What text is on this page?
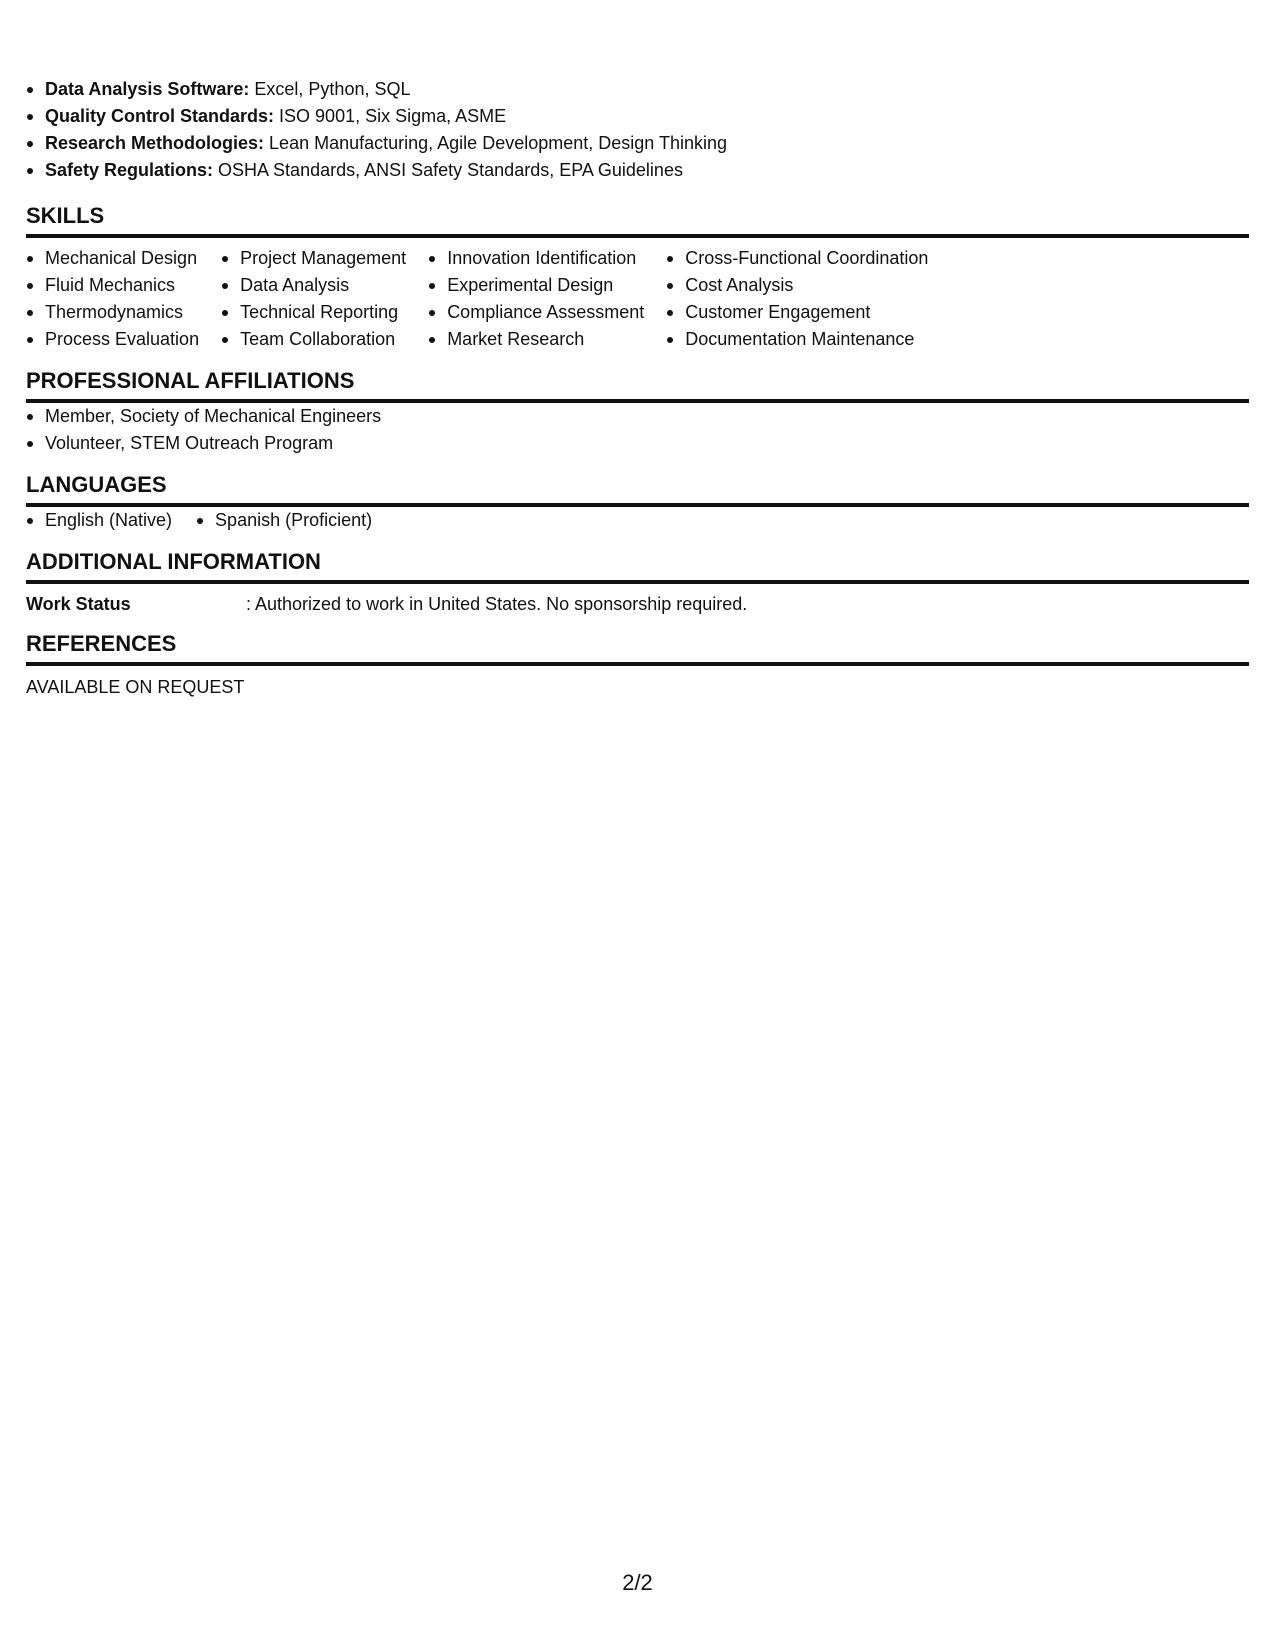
Data Analysis Software: Excel, Python, SQL
Quality Control Standards: ISO 9001, Six Sigma, ASME
Research Methodologies: Lean Manufacturing, Agile Development, Design Thinking
Safety Regulations: OSHA Standards, ANSI Safety Standards, EPA Guidelines
SKILLS
Mechanical Design
Fluid Mechanics
Thermodynamics
Process Evaluation
Project Management
Data Analysis
Technical Reporting
Team Collaboration
Innovation Identification
Experimental Design
Compliance Assessment
Market Research
Cross-Functional Coordination
Cost Analysis
Customer Engagement
Documentation Maintenance
PROFESSIONAL AFFILIATIONS
Member, Society of Mechanical Engineers
Volunteer, STEM Outreach Program
LANGUAGES
English (Native)	Spanish (Proficient)
ADDITIONAL INFORMATION
Work Status	: Authorized to work in United States. No sponsorship required.
REFERENCES
AVAILABLE ON REQUEST
2/2
